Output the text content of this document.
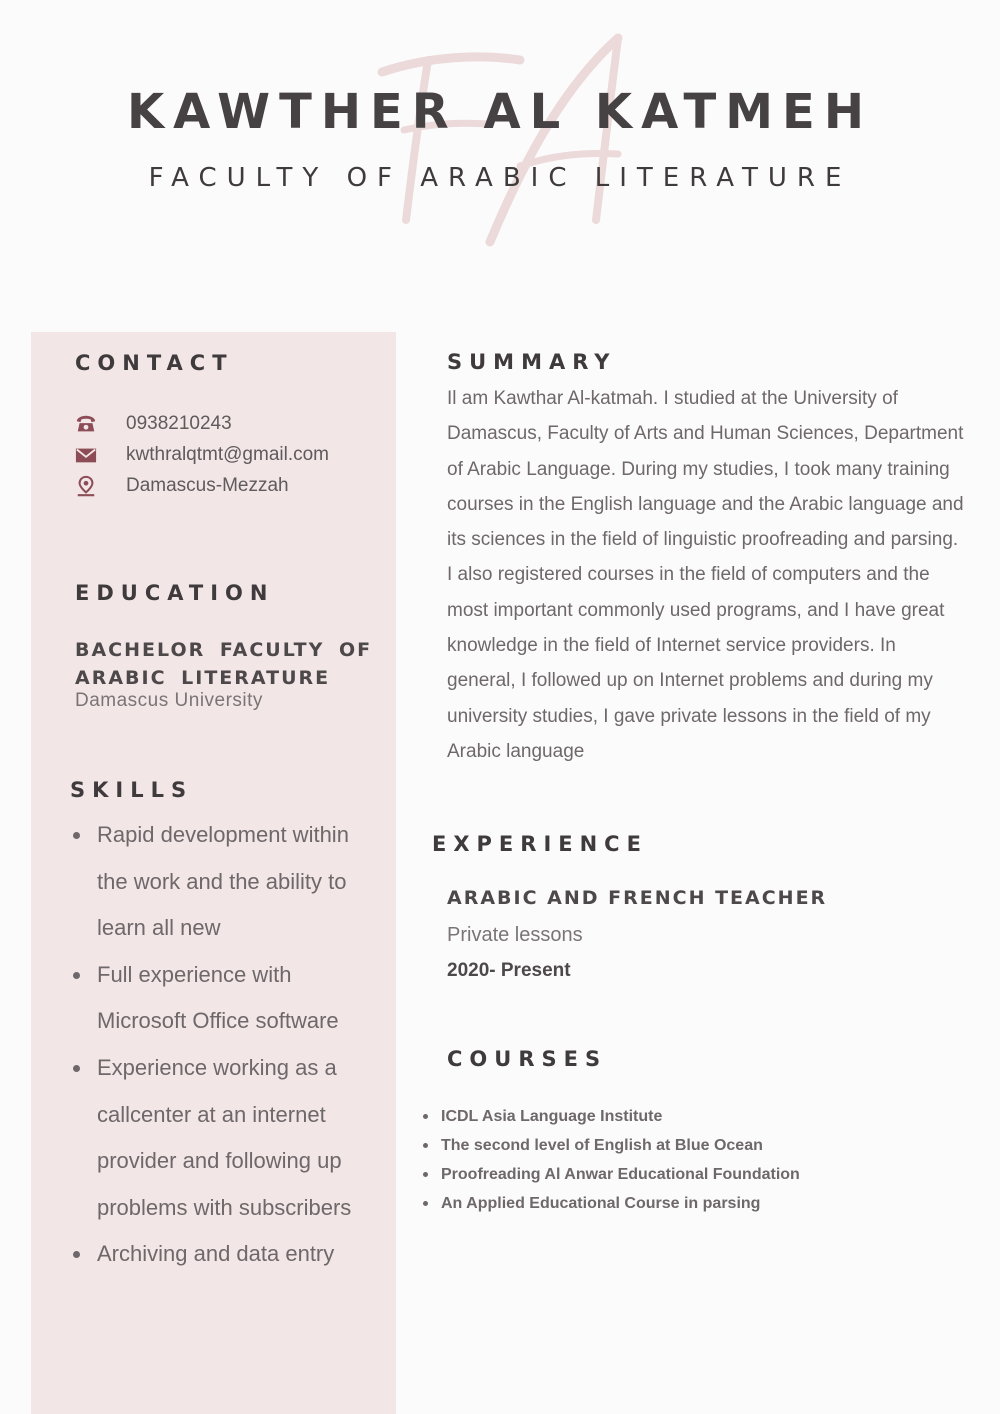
KAWTHER AL KATMEH
FACULTY OF ARABIC LITERATURE
CONTACT
0938210243
kwthralqtmt@gmail.com
Damascus-Mezzah
EDUCATION

BACHELOR FACULTY OF ARABIC LITERATURE

Damascus University
SKILLS
Rapid development within the work and the ability to learn all new
Full experience with Microsoft Office software
Experience working as a callcenter at an internet provider and following up problems with subscribers
Archiving and data entry
SUMMARY

Il am Kawthar Al-katmah. I studied at the University of Damascus, Faculty of Arts and Human Sciences, Department of Arabic Language. During my studies, I took many training courses in the English language and the Arabic language and its sciences in the field of linguistic proofreading and parsing. I also registered courses in the field of computers and the most important commonly used programs, and I have great knowledge in the field of Internet service providers. In general, I followed up on Internet problems and during my university studies, I gave private lessons in the field of my Arabic language

EXPERIENCE

ARABIC AND FRENCH TEACHER

Private lessons
2020- Present
COURSES
ICDL Asia Language Institute
The second level of English at Blue Ocean
Proofreading Al Anwar Educational Foundation
An Applied Educational Course in parsing
